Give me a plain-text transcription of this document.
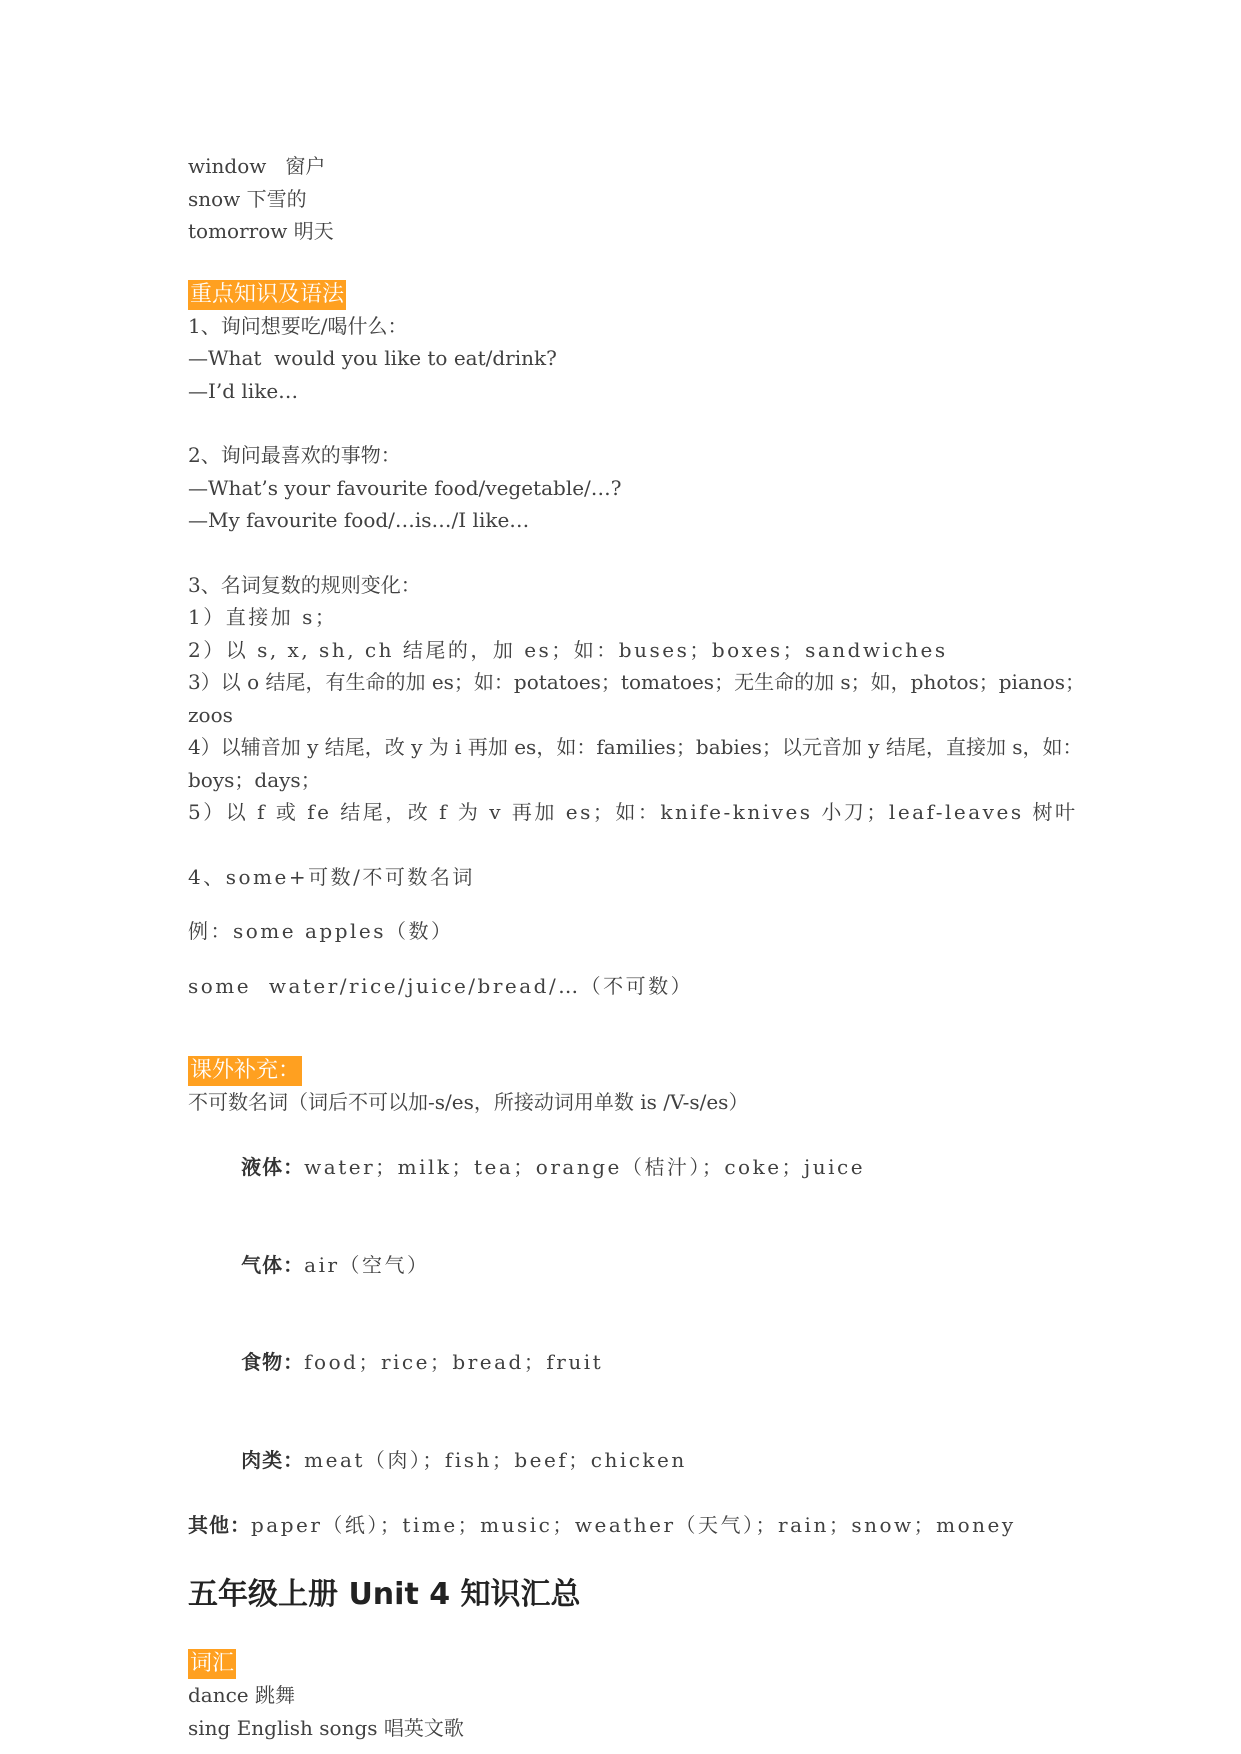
window   窗户
snow 下雪的
tomorrow 明天
重点知识及语法
1、询问想要吃/喝什么：
—What  would you like to eat/drink?
—I’d like…
2、询问最喜欢的事物：
—What’s your favourite food/vegetable/…?
—My favourite food/…is…/I like…
3、名词复数的规则变化：
1）直接加 s；
2）以 s, x, sh, ch 结尾的，加 es；如：buses；boxes；sandwiches
3）以 o 结尾，有生命的加 es；如：potatoes；tomatoes；无生命的加 s；如，photos；pianos；zoos
4）以辅音加 y 结尾，改 y 为 i 再加 es，如：families；babies；以元音加 y 结尾，直接加 s，如：boys；days；
5）以 f 或 fe 结尾，改 f 为 v 再加 es；如：knife-knives 小刀；leaf-leaves 树叶
4、some+可数/不可数名词
例：some apples（数）
some  water/rice/juice/bread/…（不可数）
课外补充：
不可数名词（词后不可以加-s/es，所接动词用单数 is /V-s/es）

液体：water；milk；tea；orange（桔汁）；coke；juice

气体：air（空气）

食物：food；rice；bread；fruit

肉类：meat（肉）；fish；beef；chicken

其他：paper（纸）；time；music；weather（天气）；rain；snow；money
五年级上册 Unit 4 知识汇总
词汇
dance 跳舞
sing English songs 唱英文歌
